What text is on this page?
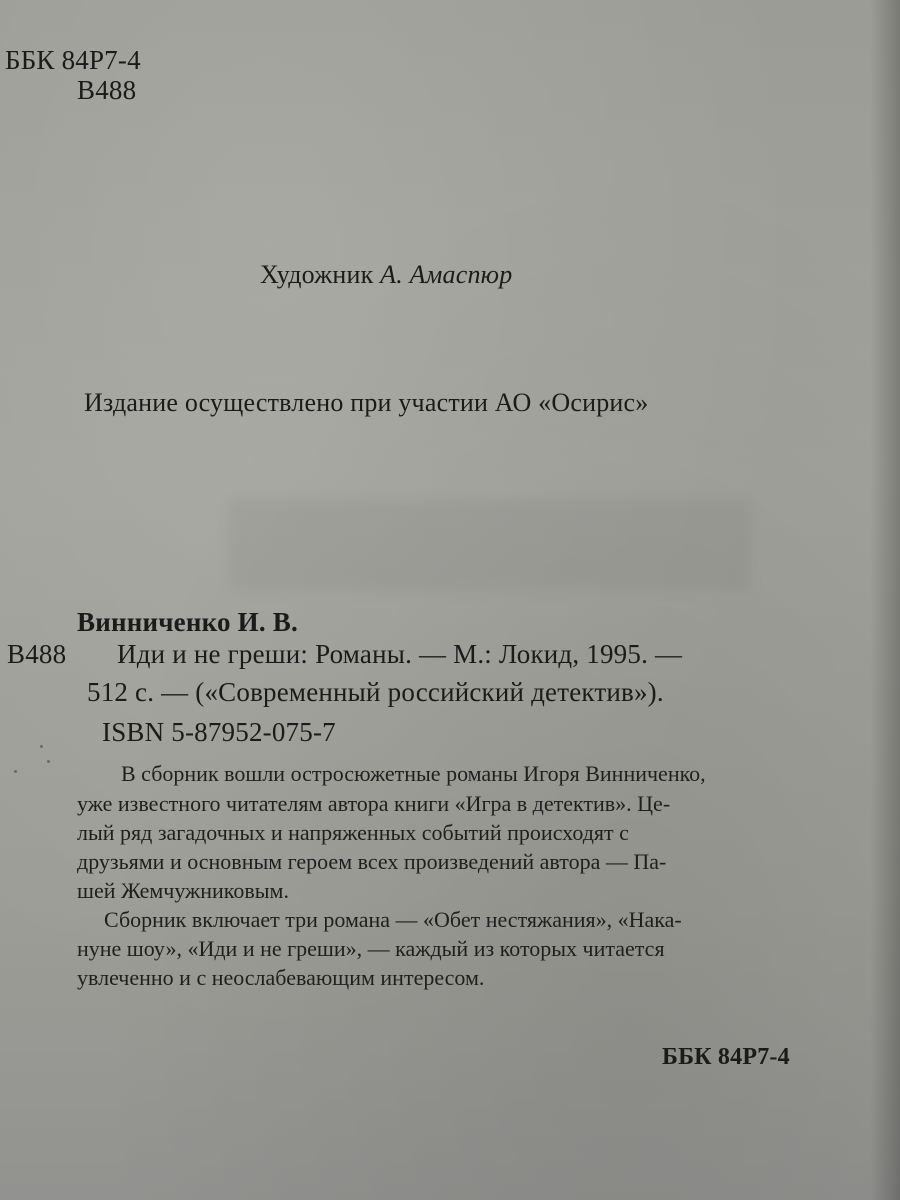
ББК 84Р7-4

В488

Художник А. Амаспюр

Издание осуществлено при участии АО «Осирис»

Винниченко И. В.

В488 Иди и не греши: Романы. — М.: Локид, 1995. —

512 с. — («Современный российский детектив»).

ISBN 5-87952-075-7

В сборник вошли остросюжетные романы Игоря Винниченко,

уже известного читателям автора книги «Игра в детектив». Це-

лый ряд загадочных и напряженных событий происходят с

друзьями и основным героем всех произведений автора — Па-

шей Жемчужниковым.

Сборник включает три романа — «Обет нестяжания», «Нака-

нуне шоу», «Иди и не греши», — каждый из которых читается

увлеченно и с неослабевающим интересом.

ББК 84Р7-4
